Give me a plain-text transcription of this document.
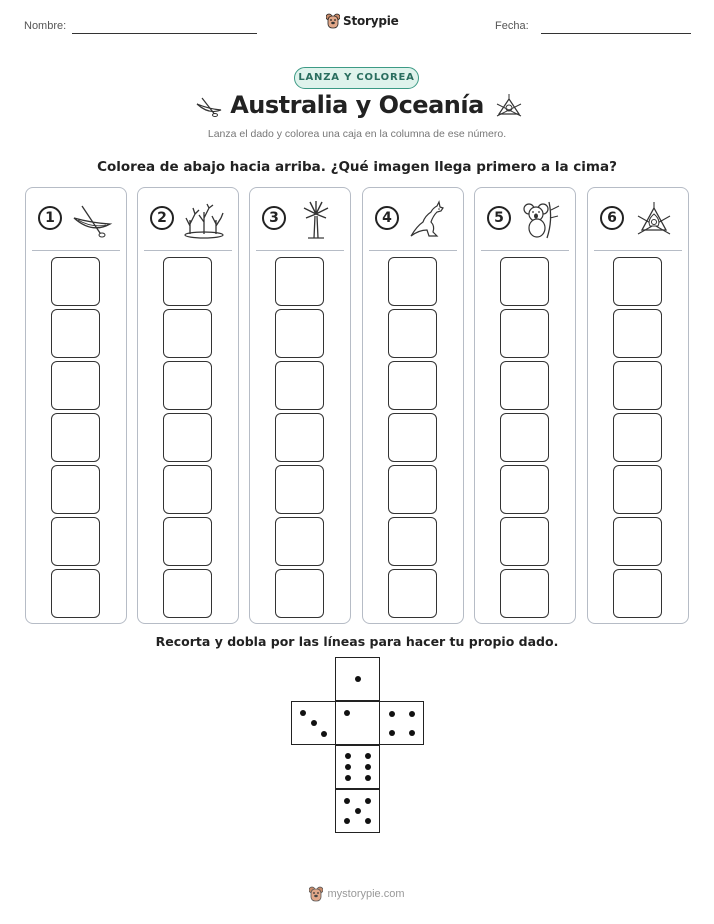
Nombre:	Storypie	Fecha:
LANZA Y COLOREA
Australia y Oceanía
Lanza el dado y colorea una caja en la columna de ese número.
Colorea de abajo hacia arriba. ¿Qué imagen llega primero a la cima?
1	2	3	4	5	6
Recorta y dobla por las líneas para hacer tu propio dado.
mystorypie.com
